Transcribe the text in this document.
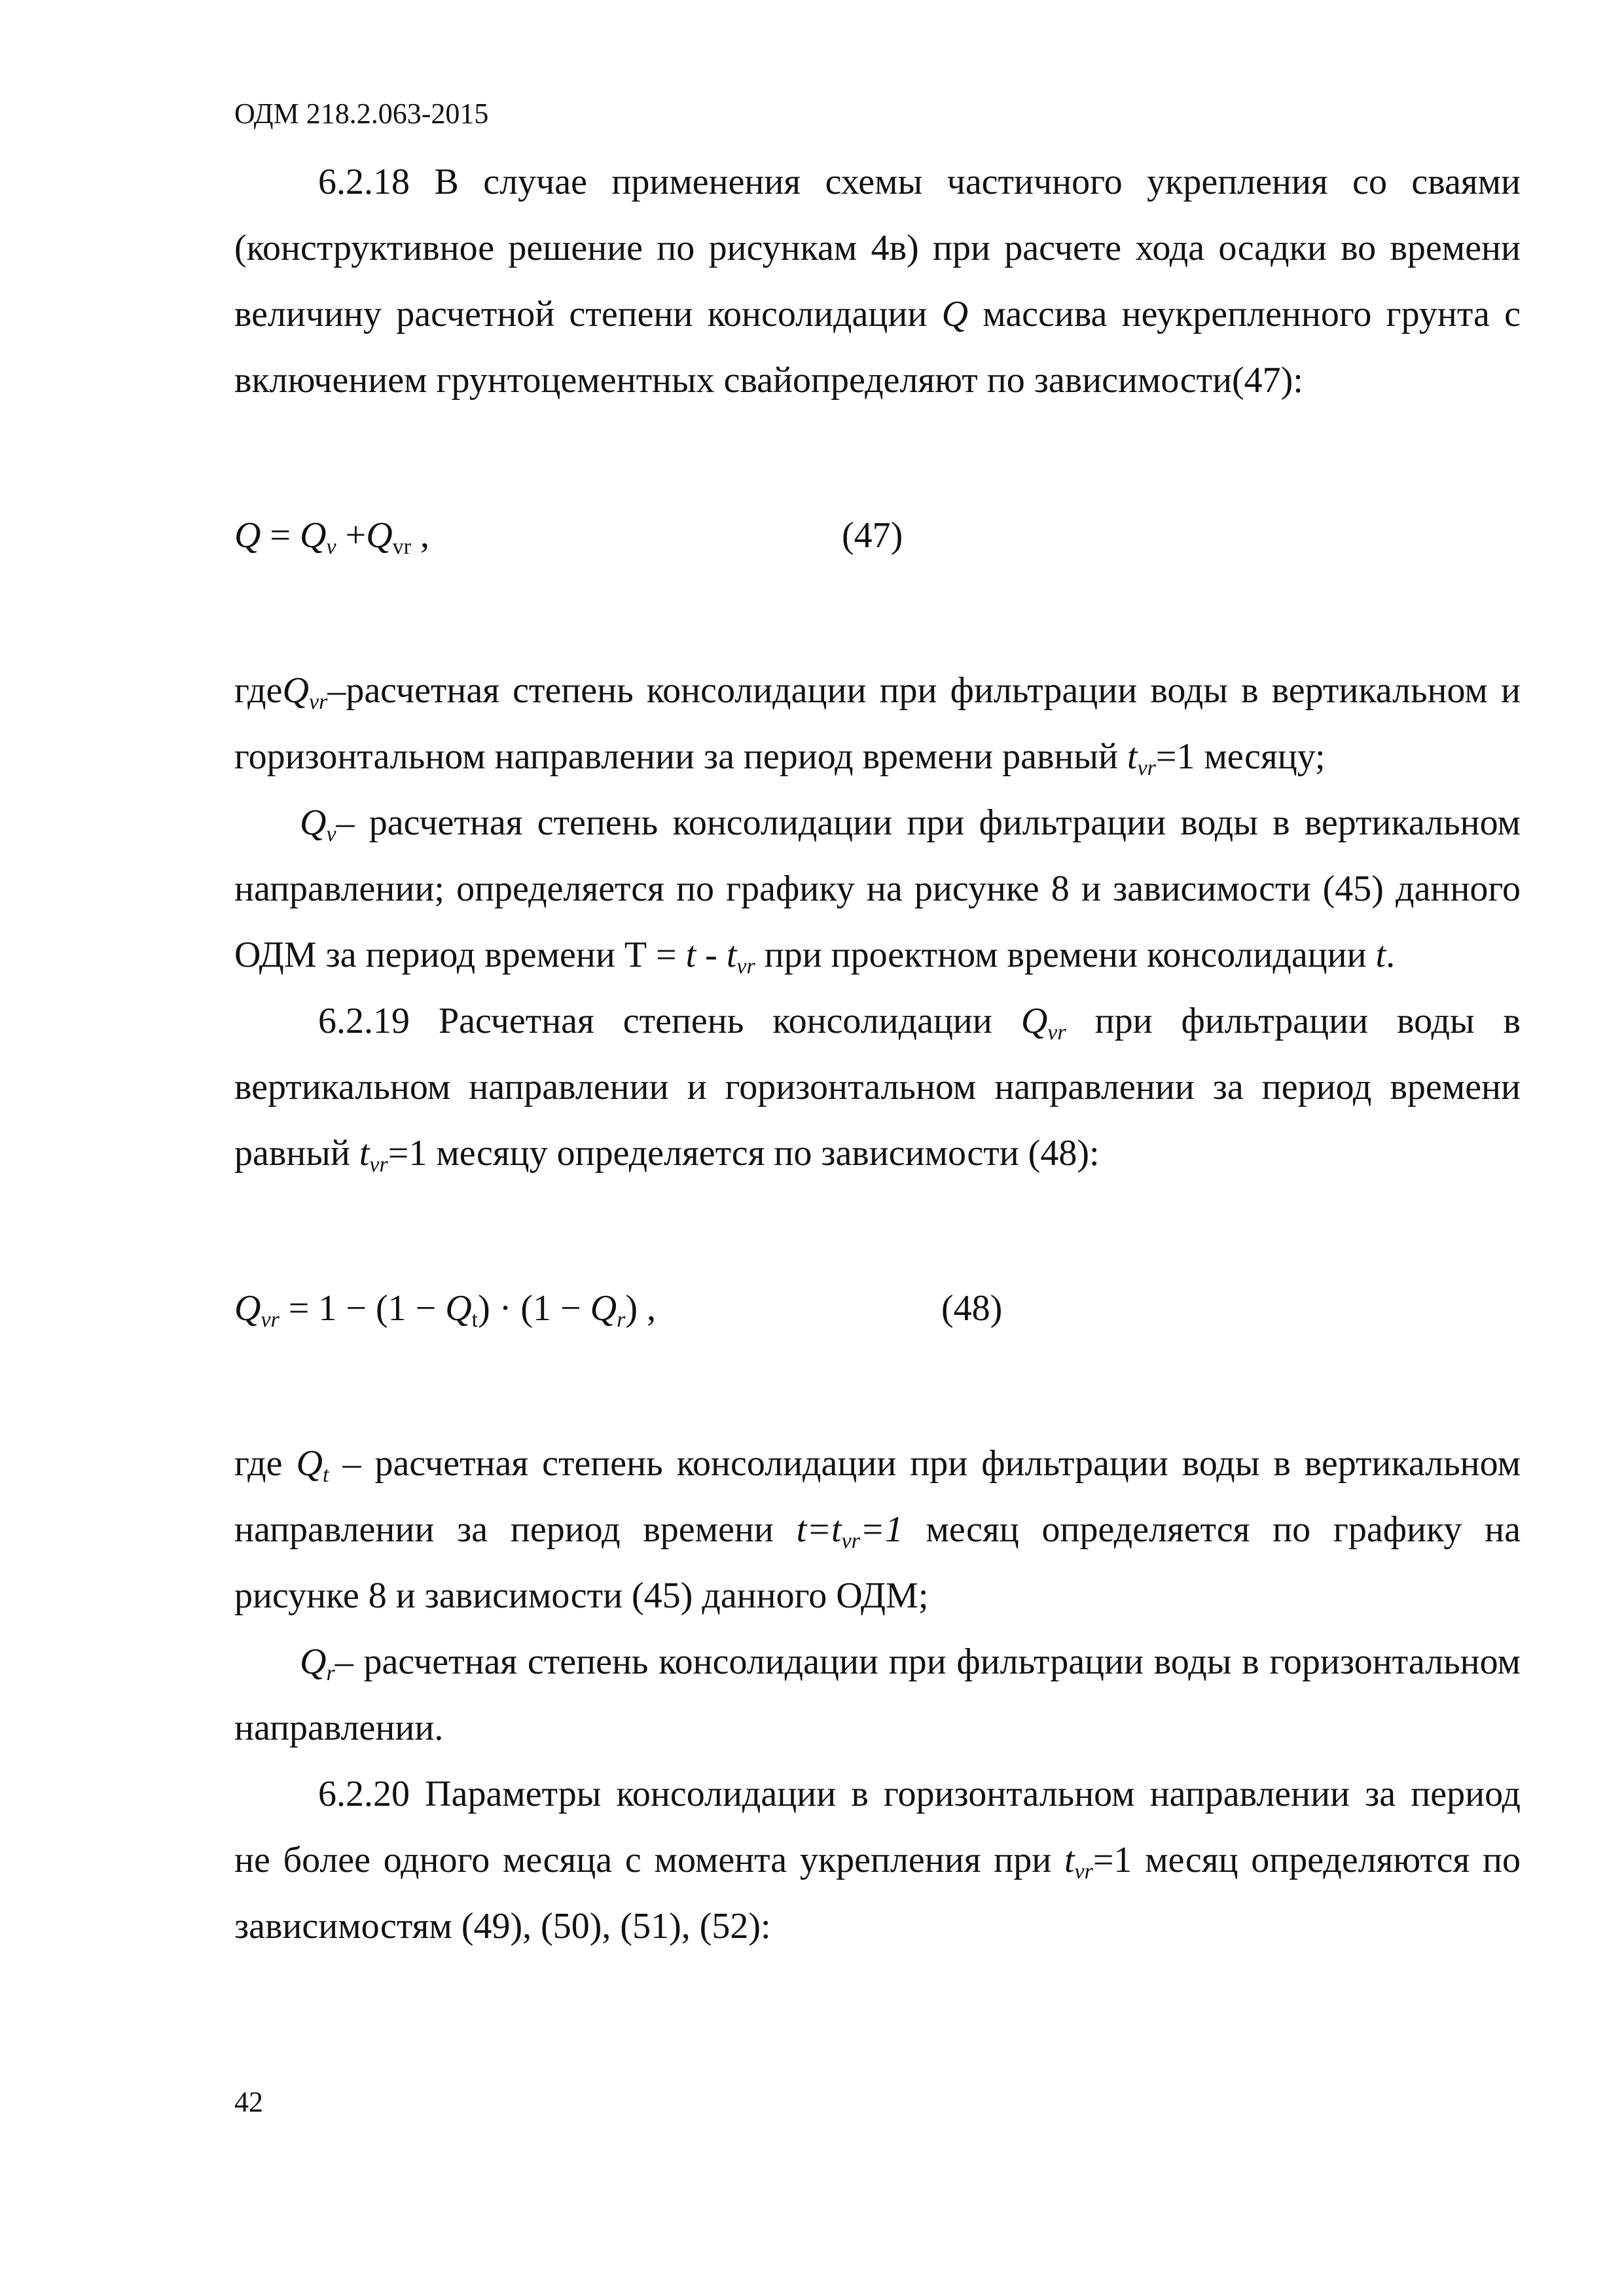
ОДМ 218.2.063-2015

6.2.18 В случае применения схемы частичного укрепления со сваями (конструктивное решение по рисункам 4в) при расчете хода осадки во времени величину расчетной степени консолидации Q массива неукрепленного грунта с включением грунтоцементных свайопределяют по зависимости(47):

$Q = Q_v +Q_{vr}$ ,	(47)

гдеQ$_{vr}$–расчетная степень консолидации при фильтрации воды в вертикальном и горизонтальном направлении за период времени равный $t_{vr}=1$ месяцу;

$Q_v-$ расчетная степень консолидации при фильтрации воды в вертикальном направлении; определяется по графику на рисунке 8 и зависимости (45) данного ОДМ за период времени $Т = t - t_{vr}$ при проектном времени консолидации t.

6.2.19 Расчетная степень консолидации $Q_{vr}$ при фильтрации воды в вертикальном направлении и горизонтальном направлении за период времени равный $t_{vr}=1$ месяцу определяется по зависимости (48):

$Q_{vr} = 1 - (1 - Q_t) \cdot (1 - Q_r)$ ,	(48)

где $Q_t$ – расчетная степень консолидации при фильтрации воды в вертикальном направлении за период времени $t=t_{vr}=1$ месяц определяется по графику на рисунке 8 и зависимости (45) данного ОДМ;

$Q_r-$ расчетная степень консолидации при фильтрации воды в горизонтальном направлении.

6.2.20 Параметры консолидации в горизонтальном направлении за период не более одного месяца с момента укрепления при $t_{vr}=1$ месяц определяются по зависимостям (49), (50), (51), (52):

42
